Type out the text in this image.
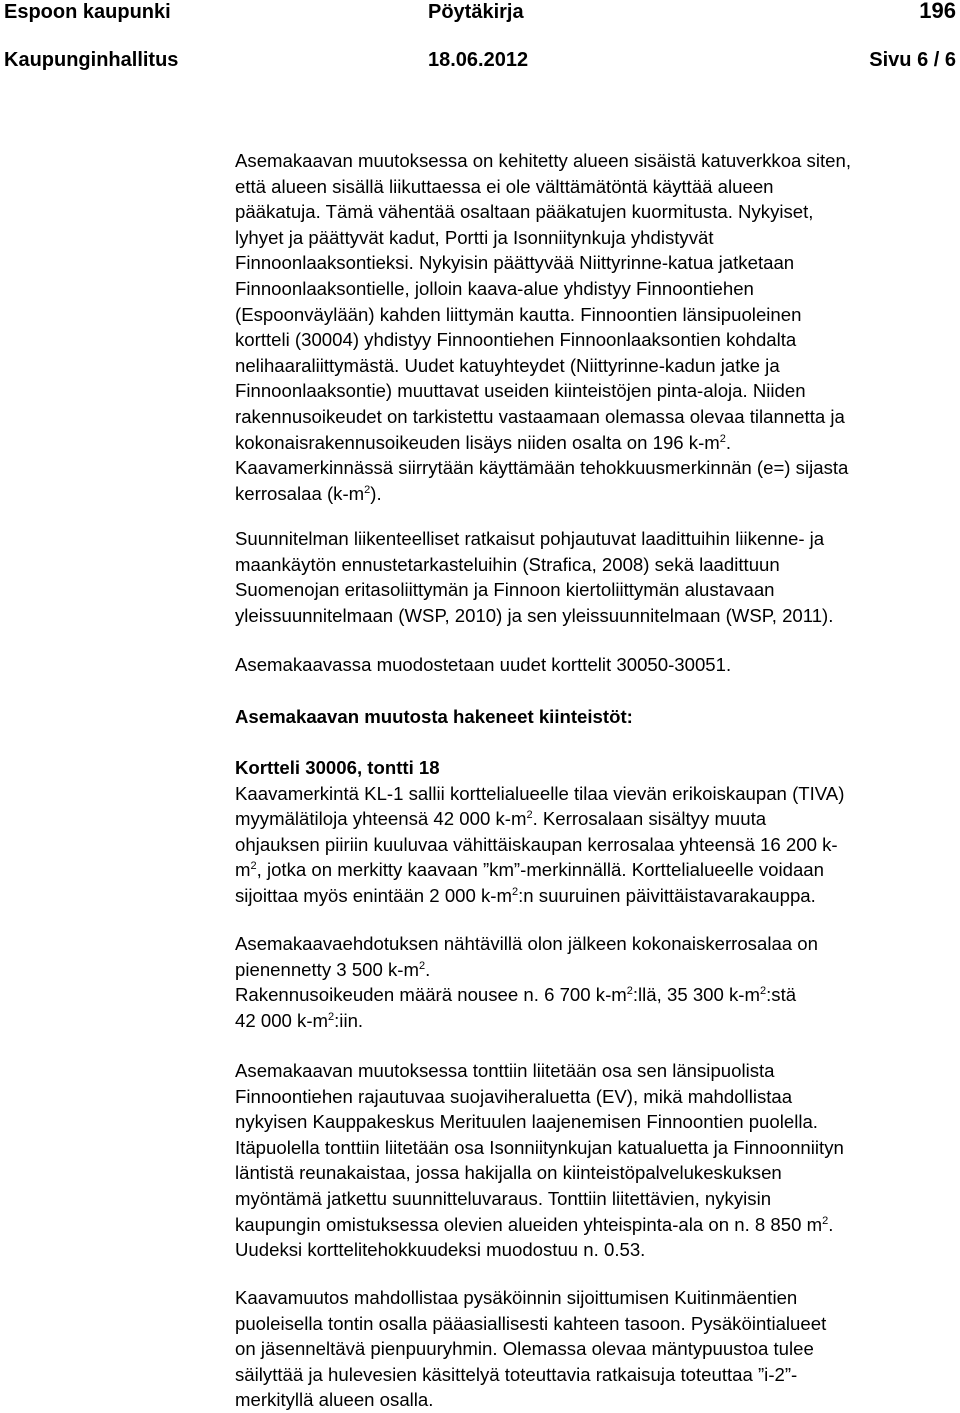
Espoon kaupunki	Pöytäkirja	196
Kaupunginhallitus	18.06.2012	Sivu 6 / 6
Asemakaavan muutoksessa on kehitetty alueen sisäistä katuverkkoa siten,
että alueen sisällä liikuttaessa ei ole välttämätöntä käyttää alueen
pääkatuja. Tämä vähentää osaltaan pääkatujen kuormitusta. Nykyiset,
lyhyet ja päättyvät kadut, Portti ja Isonniitynkuja yhdistyvät
Finnoonlaaksontieksi. Nykyisin päättyvää Niittyrinne-katua jatketaan
Finnoonlaaksontielle, jolloin kaava-alue yhdistyy Finnoontiehen
(Espoonväylään) kahden liittymän kautta. Finnoontien länsipuoleinen
kortteli (30004) yhdistyy Finnoontiehen Finnoonlaaksontien kohdalta
nelihaaraliittymästä. Uudet katuyhteydet (Niittyrinne-kadun jatke ja
Finnoonlaaksontie) muuttavat useiden kiinteistöjen pinta-aloja. Niiden
rakennusoikeudet on tarkistettu vastaamaan olemassa olevaa tilannetta ja
kokonaisrakennusoikeuden lisäys niiden osalta on 196 $k-m^2$.
Kaavamerkinnässä siirrytään käyttämään tehokkuusmerkinnän (e=) sijasta
kerrosalaa $(k-m^2)$.
Suunnitelman liikenteelliset ratkaisut pohjautuvat laadittuihin liikenne- ja
maankäytön ennustetarkasteluihin (Strafica, 2008) sekä laadittuun
Suomenojan eritasoliittymän ja Finnoon kiertoliittymän alustavaan
yleissuunnitelmaan (WSP, 2010) ja sen yleissuunnitelmaan (WSP, 2011).
Asemakaavassa muodostetaan uudet korttelit 30050-30051.
Asemakaavan muutosta hakeneet kiinteistöt:
Kortteli 30006, tontti 18
Kaavamerkintä KL-1 sallii korttelialueelle tilaa vievän erikoiskaupan (TIVA)
myymälätiloja yhteensä 42 000 $k-m^2$. Kerrosalaan sisältyy muuta
ohjauksen piiriin kuuluvaa vähittäiskaupan kerrosalaa yhteensä 16 200 k-
$m^2$, jotka on merkitty kaavaan ”km”-merkinnällä. Korttelialueelle voidaan
sijoittaa myös enintään 2 000 $k-m^2:n$ suuruinen päivittäistavarakauppa.
Asemakaavaehdotuksen nähtävillä olon jälkeen kokonaiskerrosalaa on
pienennetty 3 500 $k-m^2$.
Rakennusoikeuden määrä nousee n. 6 700 $k-m^2:llä$, 35 300 $k-m^2:stä$
42 000 $k-m^2:iin$.
Asemakaavan muutoksessa tonttiin liitetään osa sen länsipuolista
Finnoontiehen rajautuvaa suojaviheraluetta (EV), mikä mahdollistaa
nykyisen Kauppakeskus Merituulen laajenemisen Finnoontien puolella.
Itäpuolella tonttiin liitetään osa Isonniitynkujan katualuetta ja Finnoonniityn
läntistä reunakaistaa, jossa hakijalla on kiinteistöpalvelukeskuksen
myöntämä jatkettu suunnitteluvaraus. Tonttiin liitettävien, nykyisin
kaupungin omistuksessa olevien alueiden yhteispinta-ala on n. 8 850 $m^2$.
Uudeksi korttelitehokkuudeksi muodostuu n. 0.53.
Kaavamuutos mahdollistaa pysäköinnin sijoittumisen Kuitinmäentien
puoleisella tontin osalla pääasiallisesti kahteen tasoon. Pysäköintialueet
on jäsenneltävä pienpuuryhmin. Olemassa olevaa mäntypuustoa tulee
säilyttää ja hulevesien käsittelyä toteuttavia ratkaisuja toteuttaa ”i-2”-
merkityllä alueen osalla.
